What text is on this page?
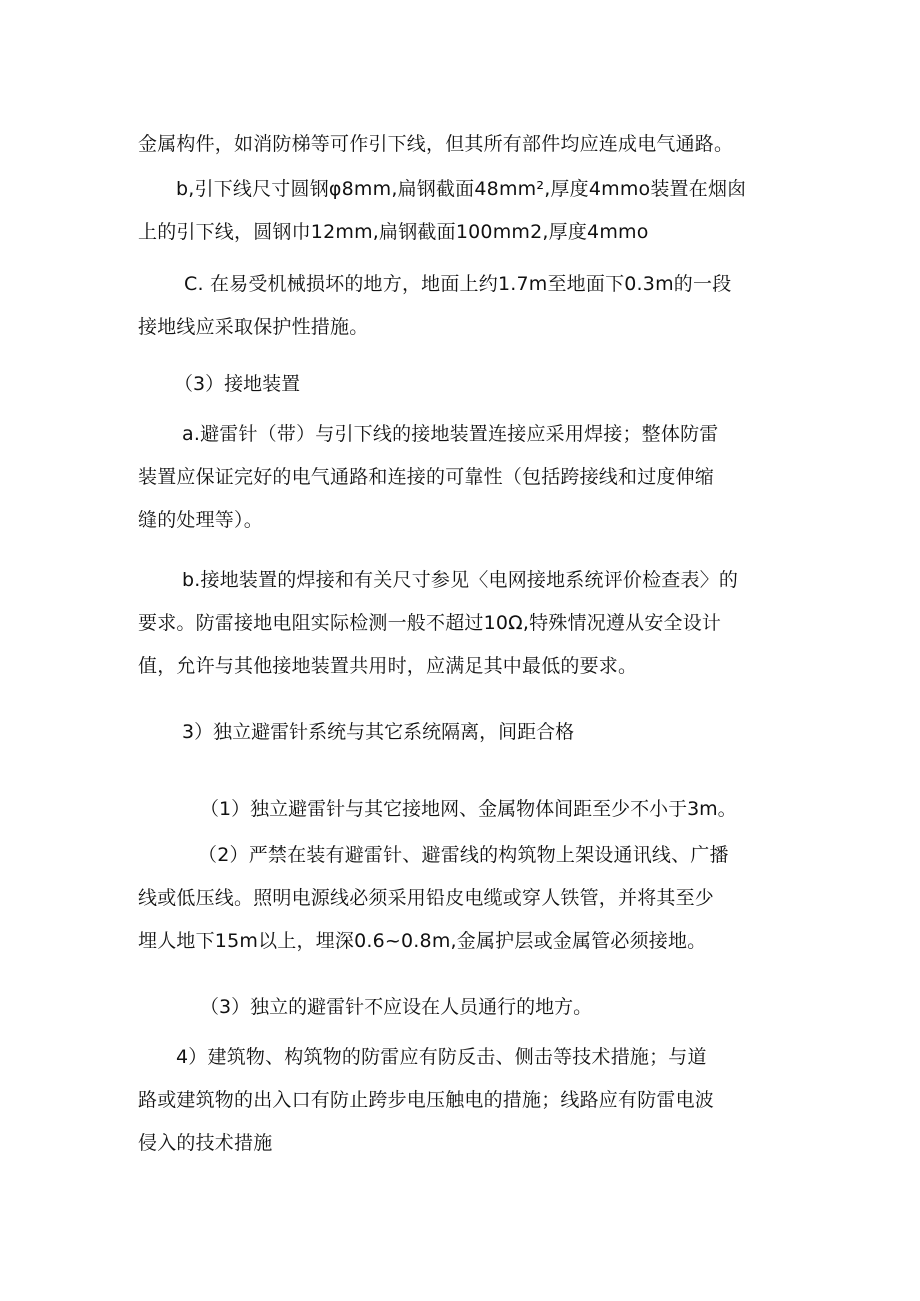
金属构件，如消防梯等可作引下线，但其所有部件均应连成电气通路。

b,引下线尺寸圆钢φ8mm,扁钢截面48mm²,厚度4mmo装置在烟囱
上的引下线，圆钢巾12mm,扁钢截面100mm2,厚度4mmo

C. 在易受机械损坏的地方，地面上约1.7m至地面下0.3m的一段
接地线应采取保护性措施。

（3）接地装置

a.避雷针（带）与引下线的接地装置连接应采用焊接；整体防雷
装置应保证完好的电气通路和连接的可靠性（包括跨接线和过度伸缩
缝的处理等）。

b.接地装置的焊接和有关尺寸参见〈电网接地系统评价检查表〉的
要求。防雷接地电阻实际检测一般不超过10Ω,特殊情况遵从安全设计
值，允许与其他接地装置共用时，应满足其中最低的要求。

3）独立避雷针系统与其它系统隔离，间距合格

（1）独立避雷针与其它接地网、金属物体间距至少不小于3m。

（2）严禁在装有避雷针、避雷线的构筑物上架设通讯线、广播
线或低压线。照明电源线必须采用铅皮电缆或穿人铁管，并将其至少
埋人地下15m以上，埋深0.6~0.8m,金属护层或金属管必须接地。

（3）独立的避雷针不应设在人员通行的地方。

4）建筑物、构筑物的防雷应有防反击、侧击等技术措施；与道
路或建筑物的出入口有防止跨步电压触电的措施；线路应有防雷电波
侵入的技术措施
